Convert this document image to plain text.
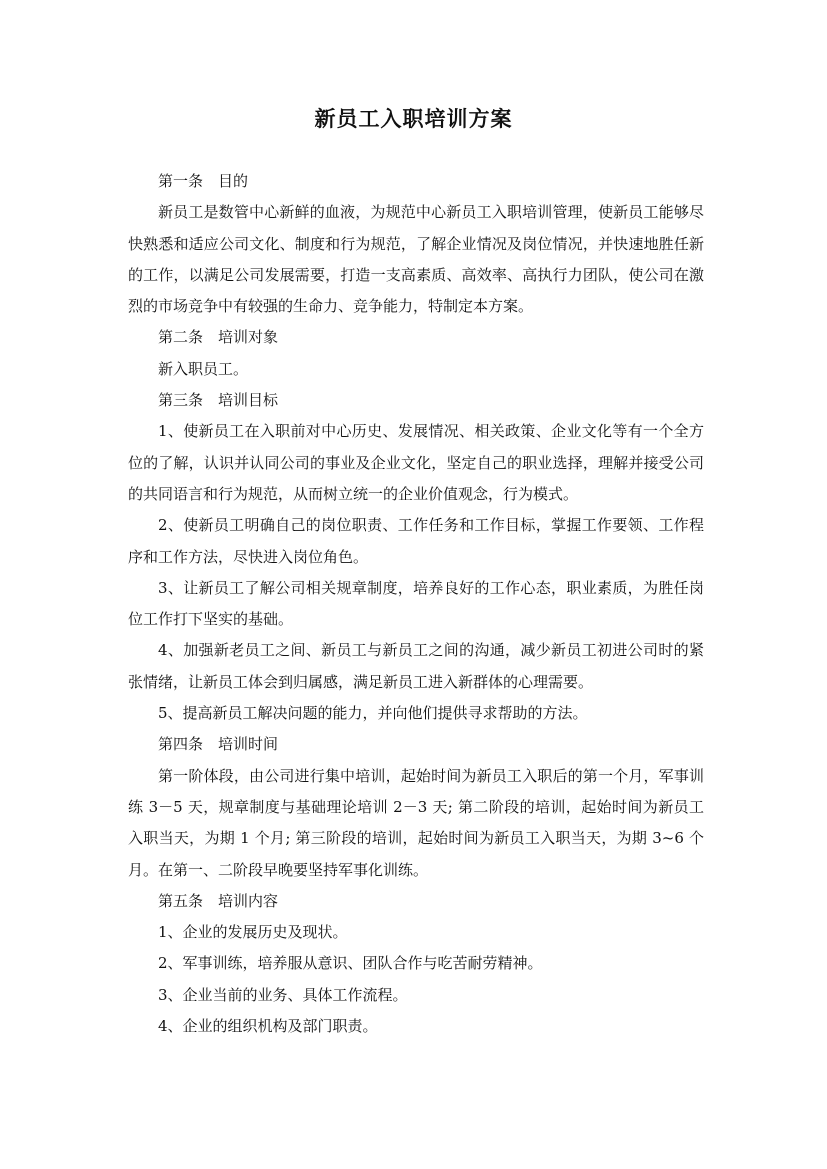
新员工入职培训方案

第一条　目的

新员工是数管中心新鲜的血液，为规范中心新员工入职培训管理，使新员工能够尽快熟悉和适应公司文化、制度和行为规范，了解企业情况及岗位情况，并快速地胜任新的工作，以满足公司发展需要，打造一支高素质、高效率、高执行力团队，使公司在激烈的市场竞争中有较强的生命力、竞争能力，特制定本方案。

第二条　培训对象

新入职员工。

第三条　培训目标

1、使新员工在入职前对中心历史、发展情况、相关政策、企业文化等有一个全方位的了解，认识并认同公司的事业及企业文化，坚定自己的职业选择，理解并接受公司的共同语言和行为规范，从而树立统一的企业价值观念，行为模式。

2、使新员工明确自己的岗位职责、工作任务和工作目标，掌握工作要领、工作程序和工作方法，尽快进入岗位角色。

3、让新员工了解公司相关规章制度，培养良好的工作心态，职业素质，为胜任岗位工作打下坚实的基础。

4、加强新老员工之间、新员工与新员工之间的沟通，减少新员工初进公司时的紧张情绪，让新员工体会到归属感，满足新员工进入新群体的心理需要。

5、提高新员工解决问题的能力，并向他们提供寻求帮助的方法。

第四条　培训时间

第一阶体段，由公司进行集中培训，起始时间为新员工入职后的第一个月，军事训练 3－5 天，规章制度与基础理论培训 2－3 天; 第二阶段的培训，起始时间为新员工入职当天，为期 1 个月; 第三阶段的培训，起始时间为新员工入职当天，为期 3~6 个月。在第一、二阶段早晚要坚持军事化训练。

第五条　培训内容

1、企业的发展历史及现状。

2、军事训练，培养服从意识、团队合作与吃苦耐劳精神。

3、企业当前的业务、具体工作流程。

4、企业的组织机构及部门职责。
